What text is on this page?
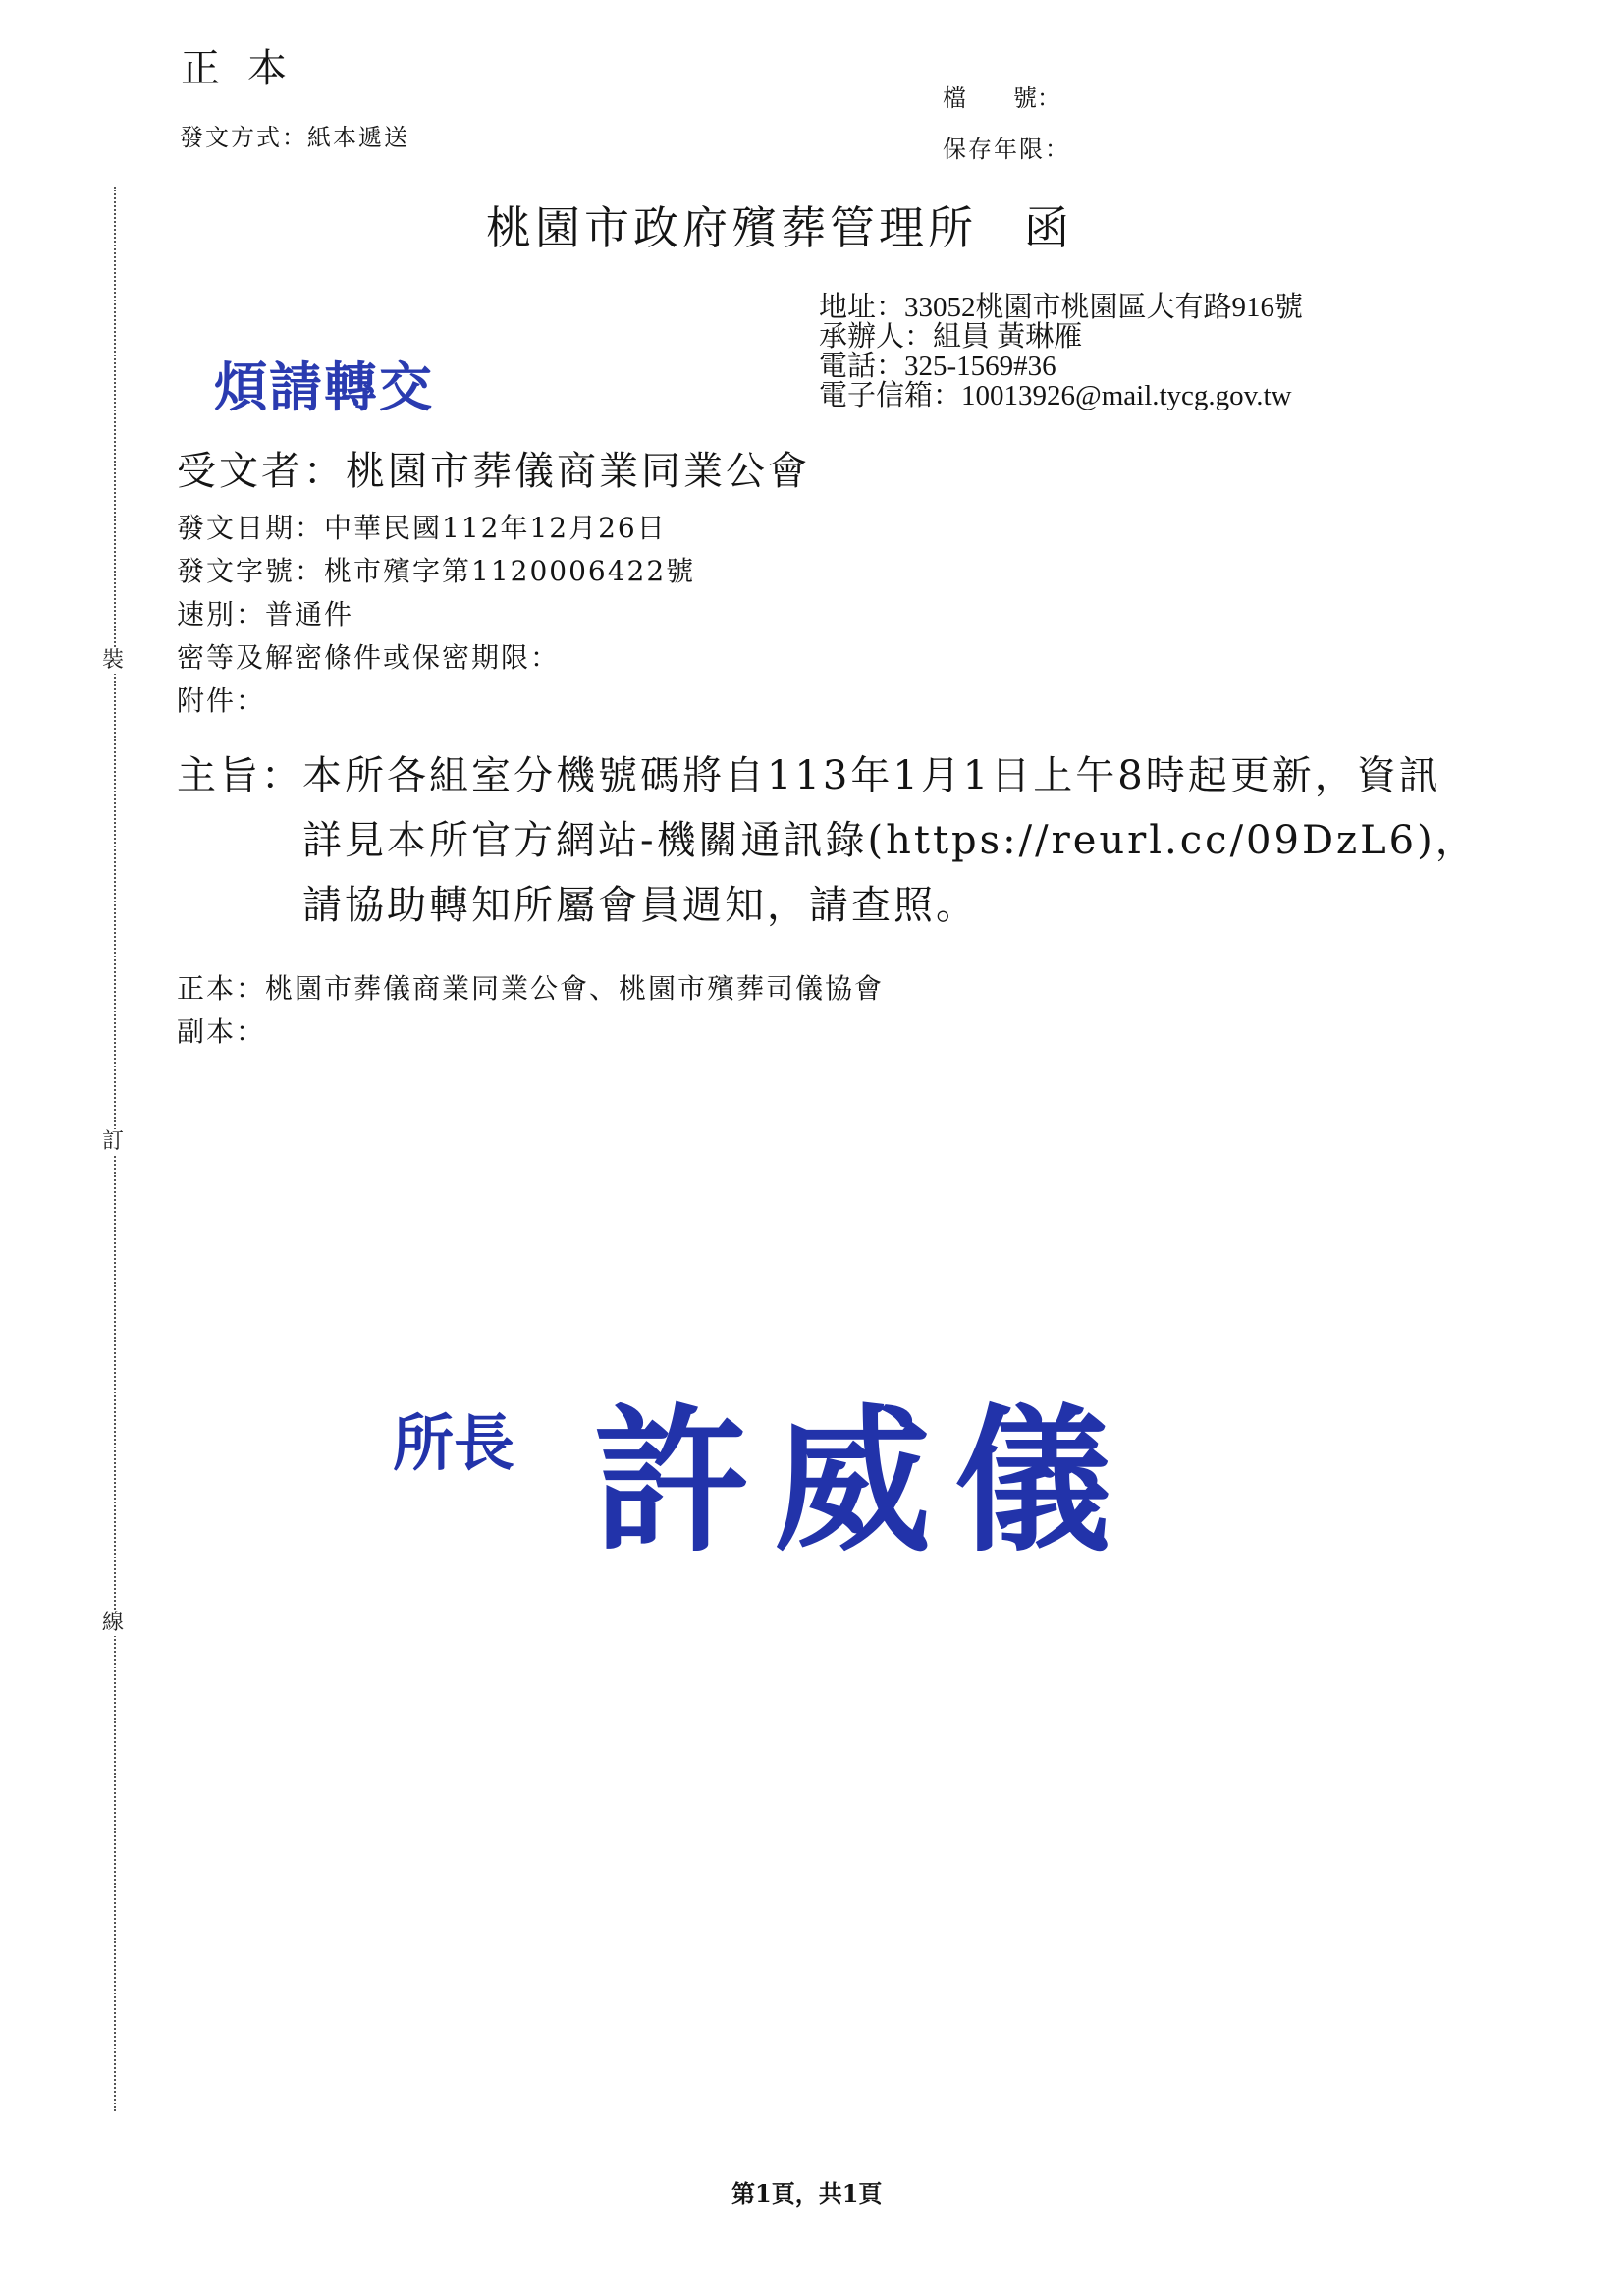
裝
訂
線
正本
發文方式：紙本遞送
檔　　號：
保存年限：
桃園市政府殯葬管理所 函
地址：33052桃園市桃園區大有路916號
承辦人：組員 黃琳雁
電話：325-1569#36
電子信箱：10013926@mail.tycg.gov.tw
煩請轉交
受文者：桃園市葬儀商業同業公會
發文日期：中華民國112年12月26日
發文字號：桃市殯字第1120006422號
速別：普通件
密等及解密條件或保密期限：
附件：
主旨： 本所各組室分機號碼將自113年1月1日上午8時起更新，資訊詳見本所官方網站-機關通訊錄(https://reurl.cc/09DzL6)，請協助轉知所屬會員週知，請查照。
正本：桃園市葬儀商業同業公會、桃園市殯葬司儀協會
副本：
所長 許威儀
第1頁，共1頁
